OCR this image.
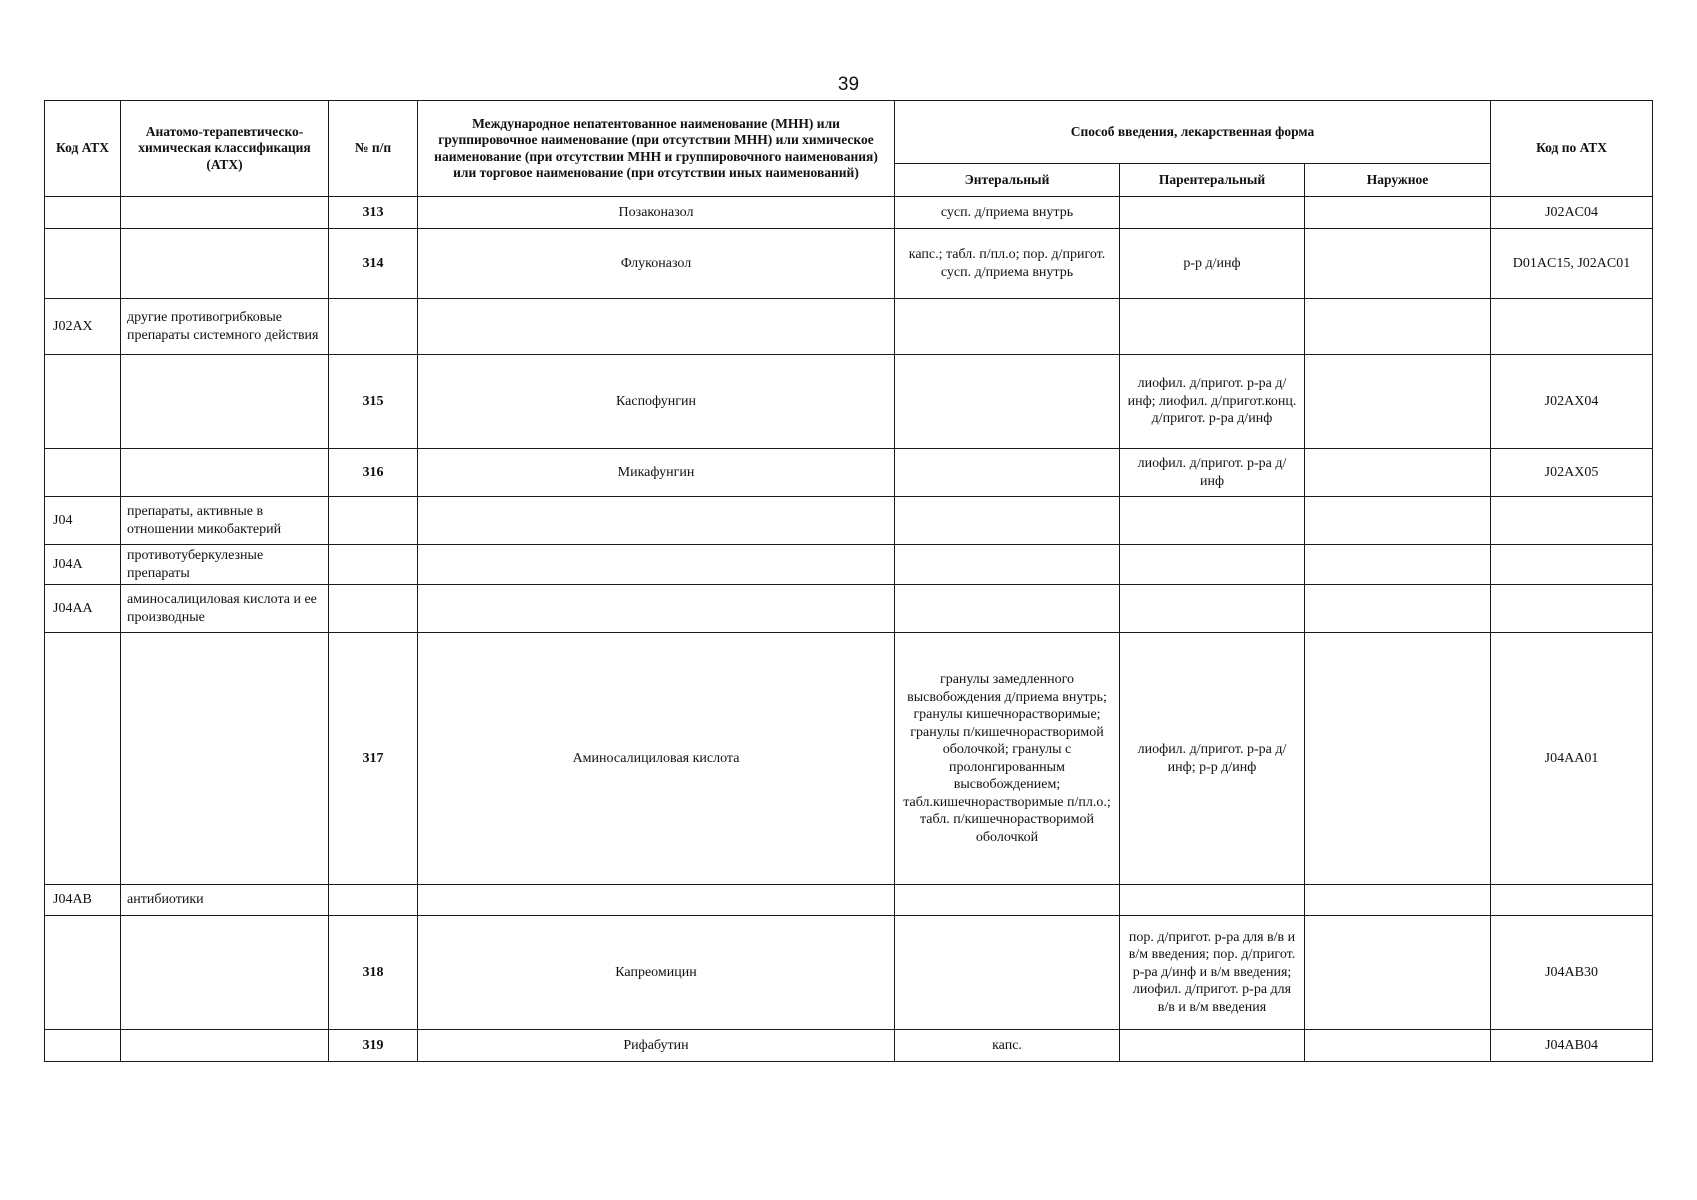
39
Код АТХ	Анатомо-терапевтическо-химическая классификация (АТХ)	№ п/п	Международное непатентованное наименование (МНН) или группировочное наименование (при отсутствии МНН) или химическое наименование (при отсутствии МНН и группировочного наименования) или торговое наименование (при отсутствии иных наименований)	Способ введения, лекарственная форма			Код по АТХ
				Энтеральный	Парентеральный	Наружное	
		313	Позаконазол	сусп. д/приема внутрь			J02AC04
		314	Флуконазол	капс.; табл. п/пл.о; пор. д/пригот. сусп. д/приема внутрь	р-р д/инф		D01AC15, J02AC01
J02AX	другие противогрибковые препараты системного действия						
		315	Каспофунгин		лиофил. д/пригот. р-ра д/инф; лиофил. д/пригот.конц. д/пригот. р-ра д/инф		J02AX04
		316	Микафунгин		лиофил. д/пригот. р-ра д/инф		J02AX05
J04	препараты, активные в отношении микобактерий						
J04A	противотуберкулезные препараты						
J04AA	аминосалициловая кислота и ее производные						
		317	Аминосалициловая кислота	гранулы замедленного высвобождения д/приема внутрь; гранулы кишечнорастворимые; гранулы п/кишечнорастворимой оболочкой; гранулы с пролонгированным высвобождением; табл.кишечнорастворимые п/пл.о.; табл. п/кишечнорастворимой оболочкой	лиофил. д/пригот. р-ра д/инф; р-р д/инф		J04AA01
J04AB	антибиотики						
		318	Капреомицин		пор. д/пригот. р-ра для в/в и в/м введения; пор. д/пригот. р-ра д/инф и в/м введения; лиофил. д/пригот. р-ра для в/в и в/м введения		J04AB30
		319	Рифабутин	капс.			J04AB04
